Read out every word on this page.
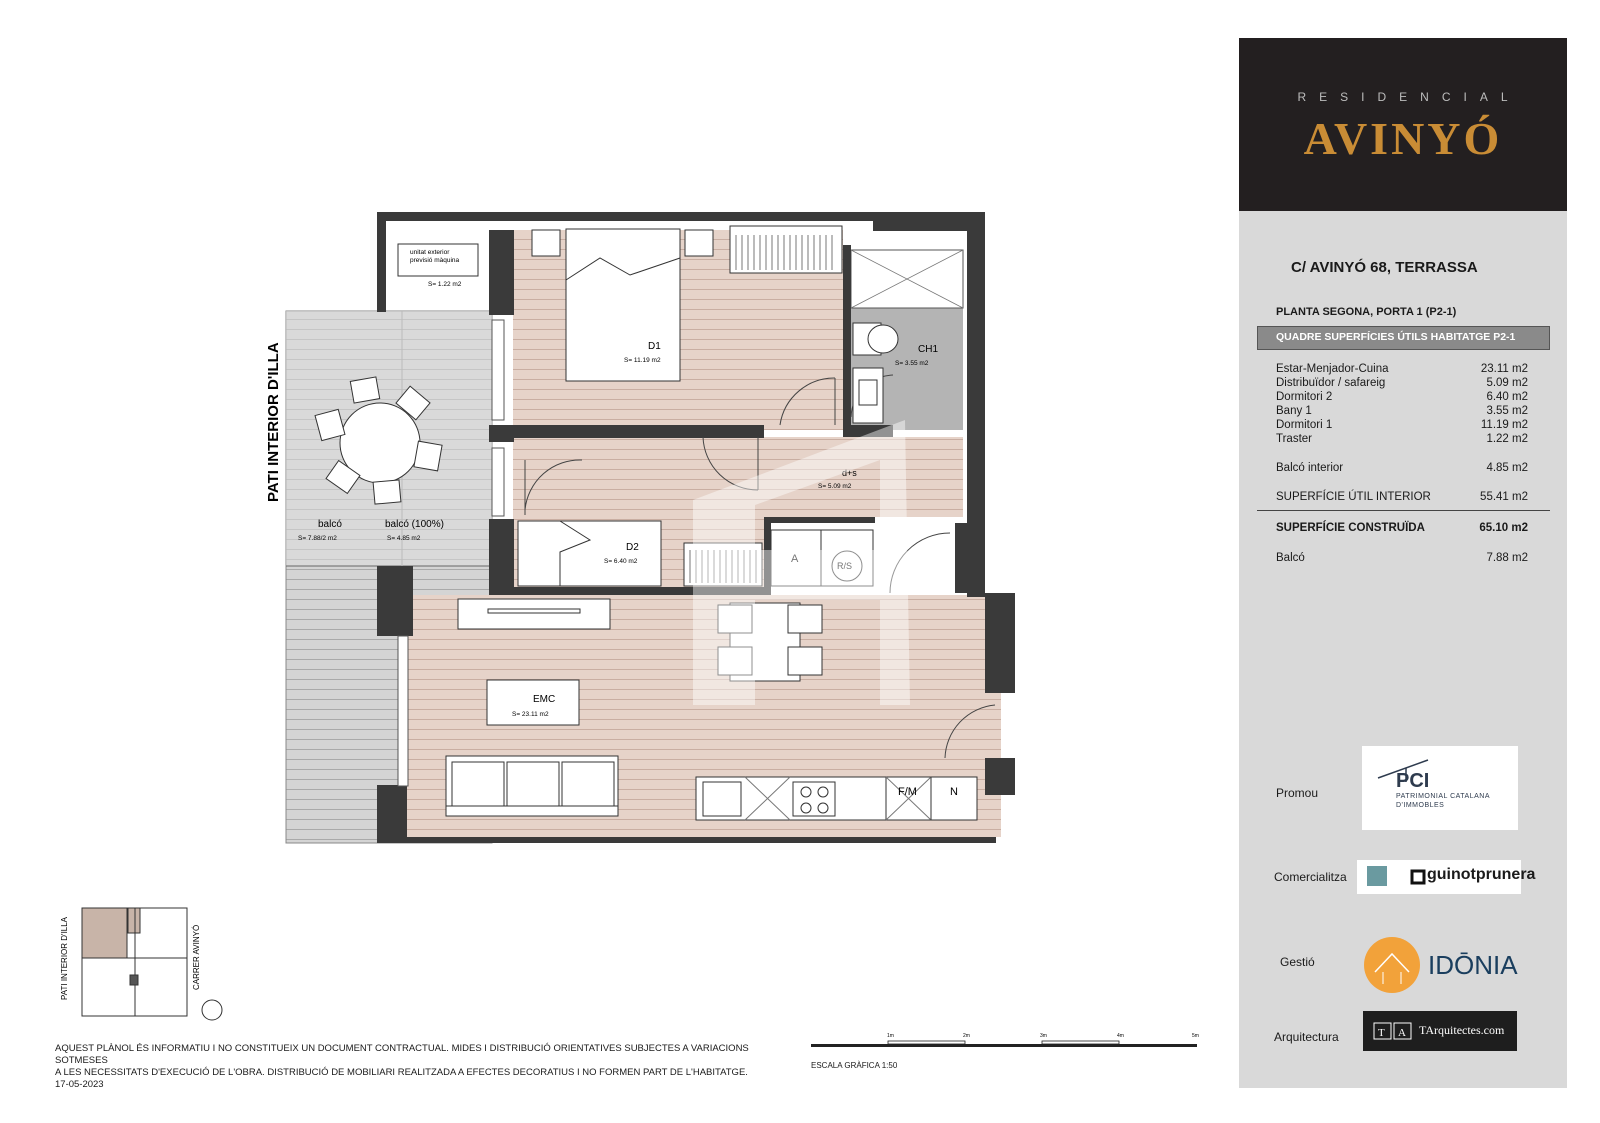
unitat exterior
previsió màquina
S= 1.22 m2
D1
S= 11.19 m2
CH1
S= 3.55 m2
d+s
S= 5.09 m2
D2
S= 6.40 m2	A
R/S
EMC
S= 23.11 m2
F/M	N
balcó
S= 7.88/2 m2
balcó (100%)
S= 4.85 m2
PATI INTERIOR D'ILLA
PATI INTERIOR D'ILLA	CARRER AVINYÓ
1m	2m	3m	4m	5m
AQUEST PLÀNOL ÉS INFORMATIU I NO CONSTITUEIX UN DOCUMENT CONTRACTUAL. MIDES I DISTRIBUCIÓ ORIENTATIVES SUBJECTES A VARIACIONS SOTMESES
A LES NECESSITATS D'EXECUCIÓ DE L'OBRA. DISTRIBUCIÓ DE MOBILIARI REALITZADA A EFECTES DECORATIUS I NO FORMEN PART DE L'HABITATGE.
17-05-2023
ESCALA GRÀFICA 1:50
RESIDENCIAL
AVINYÓ
C/ AVINYÓ 68, TERRASSA
PLANTA SEGONA, PORTA 1 (P2-1)
QUADRE SUPERFÍCIES ÚTILS HABITATGE P2-1
Estar-Menjador-Cuina	23.11 m2
Distribuïdor / safareig	5.09 m2
Dormitori 2	6.40 m2
Bany 1	3.55 m2
Dormitori 1	11.19 m2
Traster	1.22 m2
Balcó interior	4.85 m2
SUPERFÍCIE ÚTIL INTERIOR	55.41 m2
SUPERFÍCIE CONSTRUÏDA	65.10 m2
Balcó	7.88 m2
Promou
PCI
PATRIMONIAL CATALANA
D'IMMOBLES
Comercialitza	guinotprunera
Gestió	IDŌNIA
Arquitectura	T A TArquitectes.com
